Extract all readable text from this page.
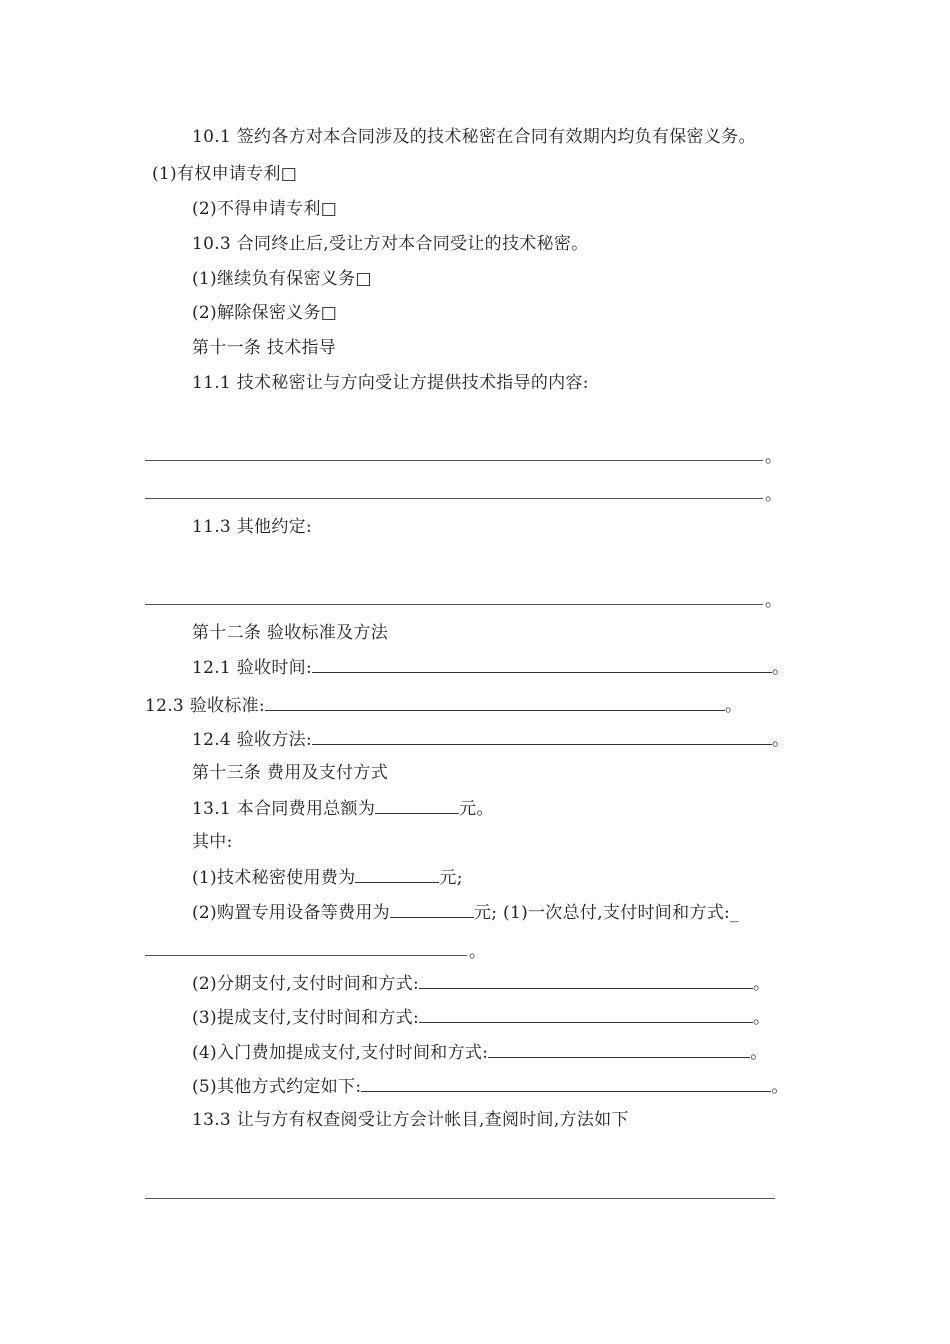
10.1 签约各方对本合同涉及的技术秘密在合同有效期内均负有保密义务。
(1)有权申请专利□
(2)不得申请专利□
10.3 合同终止后,受让方对本合同受让的技术秘密。
(1)继续负有保密义务□
(2)解除保密义务□
第十一条 技术指导
11.1 技术秘密让与方向受让方提供技术指导的内容:
。
。
11.3 其他约定:
。
第十二条 验收标准及方法
12.1 验收时间:	。
12.3 验收标准:	。
12.4 验收方法:	。
第十三条 费用及支付方式
13.1 本合同费用总额为	元。
其中:
(1)技术秘密使用费为	元;
(2)购置专用设备等费用为	元; (1)一次总付,支付时间和方式:_
。
(2)分期支付,支付时间和方式:	。
(3)提成支付,支付时间和方式:	。
(4)入门费加提成支付,支付时间和方式:	。
(5)其他方式约定如下:	。
13.3 让与方有权查阅受让方会计帐目,查阅时间,方法如下
